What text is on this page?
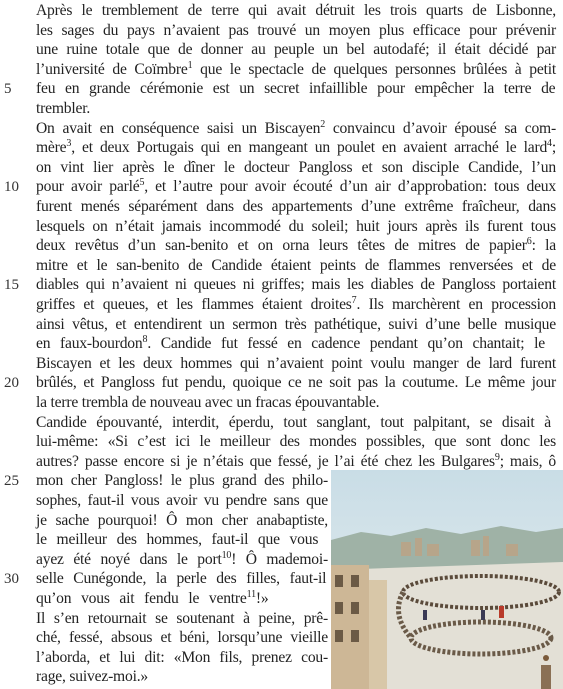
Après le tremblement de terre qui avait détruit les trois quarts de Lisbonne,
les sages du pays n’avaient pas trouvé un moyen plus efficace pour prévenir
une ruine totale que de donner au peuple un bel autodafé; il était décidé par
l’université de Coïmbre$^1$ que le spectacle de quelques personnes brûlées à petit
feu en grande cérémonie est un secret infaillible pour empêcher la terre de
trembler.
On avait en conséquence saisi un Biscayen$^2$ convaincu d’avoir épousé sa com-
mère$^3$, et deux Portugais qui en mangeant un poulet en avaient arraché le lard$^4$;
on vint lier après le dîner le docteur Pangloss et son disciple Candide, l’un
pour avoir parlé$^5$, et l’autre pour avoir écouté d’un air d’approbation: tous deux
furent menés séparément dans des appartements d’une extrême fraîcheur, dans
lesquels on n’était jamais incommodé du soleil; huit jours après ils furent tous
deux revêtus d’un san-benito et on orna leurs têtes de mitres de papier$^6$: la
mitre et le san-benito de Candide étaient peints de flammes renversées et de
diables qui n’avaient ni queues ni griffes; mais les diables de Pangloss portaient
griffes et queues, et les flammes étaient droites$^7$. Ils marchèrent en procession
ainsi vêtus, et entendirent un sermon très pathétique, suivi d’une belle musique
en faux-bourdon$^8$. Candide fut fessé en cadence pendant qu’on chantait; le
Biscayen et les deux hommes qui n’avaient point voulu manger de lard furent
brûlés, et Pangloss fut pendu, quoique ce ne soit pas la coutume. Le même jour
la terre trembla de nouveau avec un fracas épouvantable.
Candide épouvanté, interdit, éperdu, tout sanglant, tout palpitant, se disait à
lui-même: «Si c’est ici le meilleur des mondes possibles, que sont donc les
autres? passe encore si je n’étais que fessé, je l’ai été chez les Bulgares$^9$; mais, ô
mon cher Pangloss! le plus grand des philo-
sophes, faut-il vous avoir vu pendre sans que
je sache pourquoi! Ô mon cher anabaptiste,
le meilleur des hommes, faut-il que vous
ayez été noyé dans le port$^{10}$! Ô mademoi-
selle Cunégonde, la perle des filles, faut-il
qu’on vous ait fendu le ventre$^{11}$!»
Il s’en retournait se soutenant à peine, prê-
ché, fessé, absous et béni, lorsqu’une vieille
l’aborda, et lui dit: «Mon fils, prenez cou-
rage, suivez-moi.»
5
10
15
20
25
30
